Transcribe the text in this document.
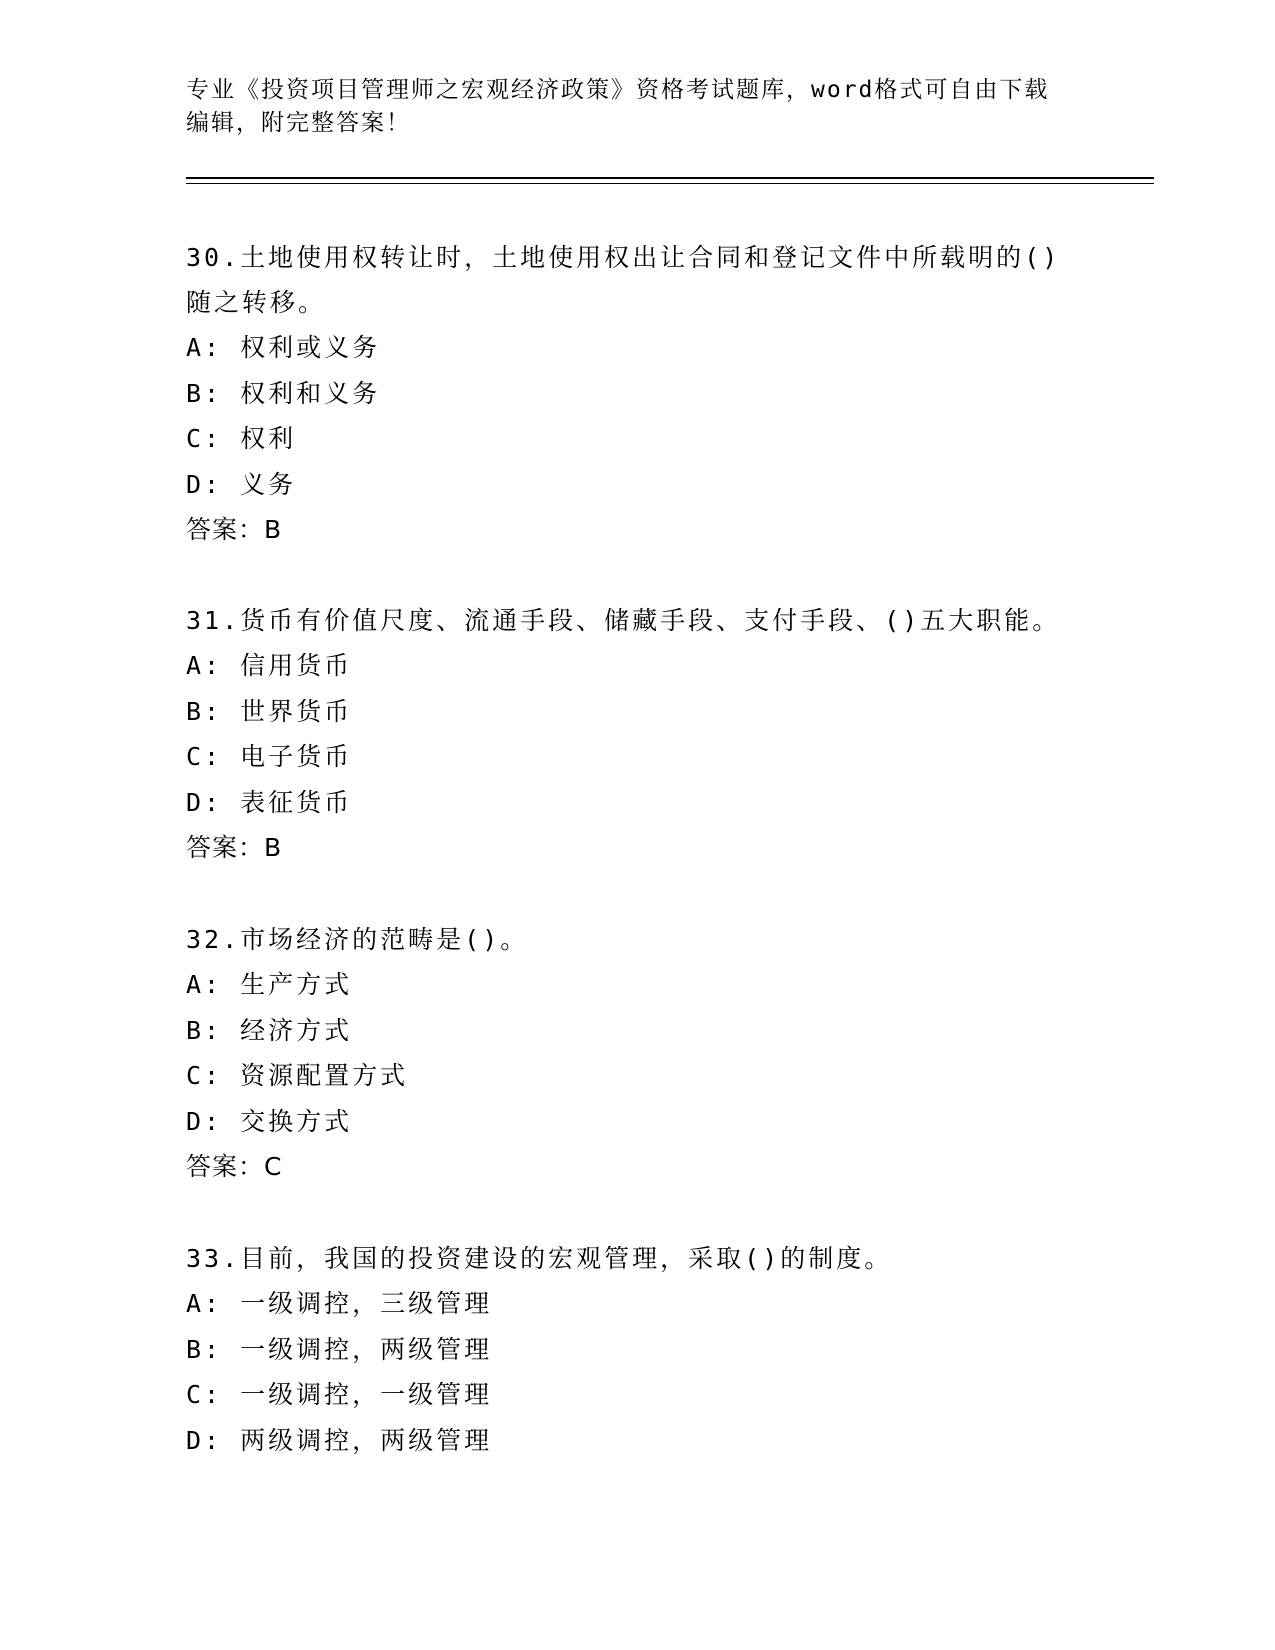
专业《投资项目管理师之宏观经济政策》资格考试题库，word格式可自由下载编辑，附完整答案！

30.土地使用权转让时，土地使用权出让合同和登记文件中所载明的()随之转移。

A: 权利或义务

B: 权利和义务

C: 权利

D: 义务

答案：B

31.货币有价值尺度、流通手段、储藏手段、支付手段、()五大职能。

A: 信用货币

B: 世界货币

C: 电子货币

D: 表征货币

答案：B

32.市场经济的范畴是()。

A: 生产方式

B: 经济方式

C: 资源配置方式

D: 交换方式

答案：C

33.目前，我国的投资建设的宏观管理，采取()的制度。

A: 一级调控，三级管理

B: 一级调控，两级管理

C: 一级调控，一级管理

D: 两级调控，两级管理
